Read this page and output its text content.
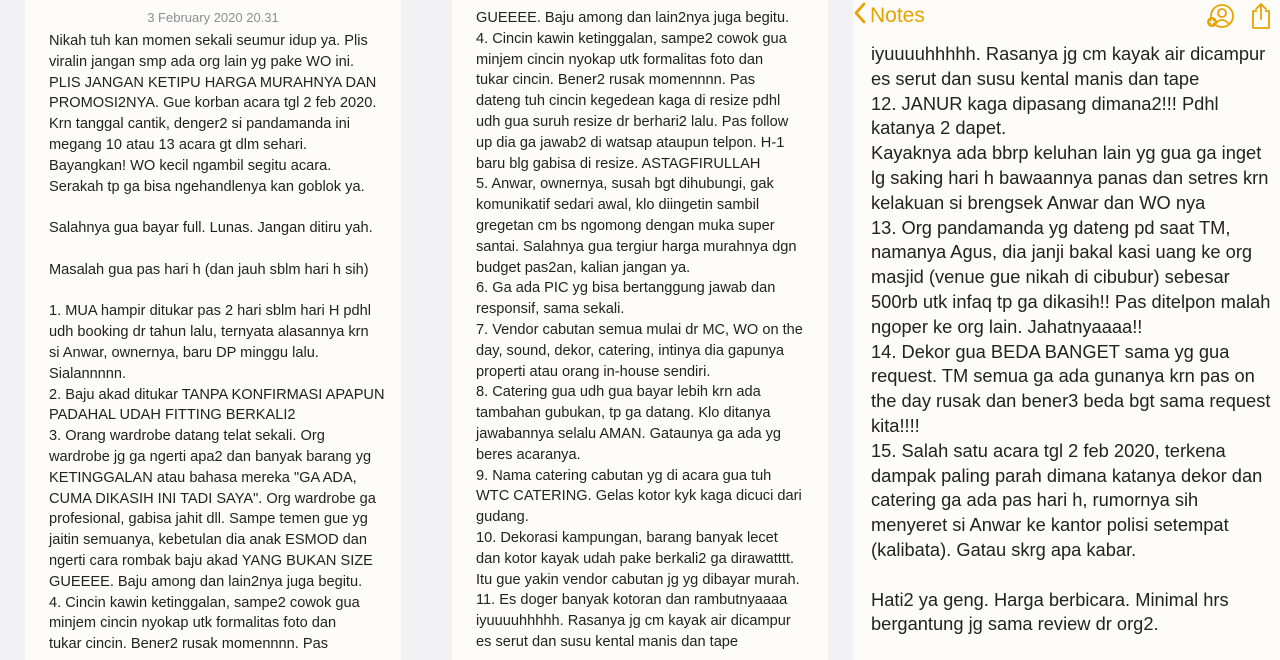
3 February 2020 20.31

Nikah tuh kan momen sekali seumur idup ya. Plis

viralin jangan smp ada org lain yg pake WO ini.

PLIS JANGAN KETIPU HARGA MURAHNYA DAN

PROMOSI2NYA. Gue korban acara tgl 2 feb 2020.

Krn tanggal cantik, denger2 si pandamanda ini

megang 10 atau 13 acara gt dlm sehari.

Bayangkan! WO kecil ngambil segitu acara.

Serakah tp ga bisa ngehandlenya kan goblok ya.

Salahnya gua bayar full. Lunas. Jangan ditiru yah.

Masalah gua pas hari h (dan jauh sblm hari h sih)

1. MUA hampir ditukar pas 2 hari sblm hari H pdhl

udh booking dr tahun lalu, ternyata alasannya krn

si Anwar, ownernya, baru DP minggu lalu.

Sialannnnn.

2. Baju akad ditukar TANPA KONFIRMASI APAPUN

PADAHAL UDAH FITTING BERKALI2

3. Orang wardrobe datang telat sekali. Org

wardrobe jg ga ngerti apa2 dan banyak barang yg

KETINGGALAN atau bahasa mereka "GA ADA,

CUMA DIKASIH INI TADI SAYA". Org wardrobe ga

profesional, gabisa jahit dll. Sampe temen gue yg

jaitin semuanya, kebetulan dia anak ESMOD dan

ngerti cara rombak baju akad YANG BUKAN SIZE

GUEEEE. Baju among dan lain2nya juga begitu.

4. Cincin kawin ketinggalan, sampe2 cowok gua

minjem cincin nyokap utk formalitas foto dan

tukar cincin. Bener2 rusak momennnn. Pas

GUEEEE. Baju among dan lain2nya juga begitu.

4. Cincin kawin ketinggalan, sampe2 cowok gua

minjem cincin nyokap utk formalitas foto dan

tukar cincin. Bener2 rusak momennnn. Pas

dateng tuh cincin kegedean kaga di resize pdhl

udh gua suruh resize dr berhari2 lalu. Pas follow

up dia ga jawab2 di watsap ataupun telpon. H-1

baru blg gabisa di resize. ASTAGFIRULLAH

5. Anwar, ownernya, susah bgt dihubungi, gak

komunikatif sedari awal, klo diingetin sambil

gregetan cm bs ngomong dengan muka super

santai. Salahnya gua tergiur harga murahnya dgn

budget pas2an, kalian jangan ya.

6. Ga ada PIC yg bisa bertanggung jawab dan

responsif, sama sekali.

7. Vendor cabutan semua mulai dr MC, WO on the

day, sound, dekor, catering, intinya dia gapunya

properti atau orang in-house sendiri.

8. Catering gua udh gua bayar lebih krn ada

tambahan gubukan, tp ga datang. Klo ditanya

jawabannya selalu AMAN. Gataunya ga ada yg

beres acaranya.

9. Nama catering cabutan yg di acara gua tuh

WTC CATERING. Gelas kotor kyk kaga dicuci dari

gudang.

10. Dekorasi kampungan, barang banyak lecet

dan kotor kayak udah pake berkali2 ga dirawatttt.

Itu gue yakin vendor cabutan jg yg dibayar murah.

11. Es doger banyak kotoran dan rambutnyaaaa

iyuuuuhhhhh. Rasanya jg cm kayak air dicampur

es serut dan susu kental manis dan tape

Notes

iyuuuuhhhhh. Rasanya jg cm kayak air dicampur

es serut dan susu kental manis dan tape

12. JANUR kaga dipasang dimana2!!! Pdhl

katanya 2 dapet.

Kayaknya ada bbrp keluhan lain yg gua ga inget

lg saking hari h bawaannya panas dan setres krn

kelakuan si brengsek Anwar dan WO nya

13. Org pandamanda yg dateng pd saat TM,

namanya Agus, dia janji bakal kasi uang ke org

masjid (venue gue nikah di cibubur) sebesar

500rb utk infaq tp ga dikasih!! Pas ditelpon malah

ngoper ke org lain. Jahatnyaaaa!!

14. Dekor gua BEDA BANGET sama yg gua

request. TM semua ga ada gunanya krn pas on

the day rusak dan bener3 beda bgt sama request

kita!!!!

15. Salah satu acara tgl 2 feb 2020, terkena

dampak paling parah dimana katanya dekor dan

catering ga ada pas hari h, rumornya sih

menyeret si Anwar ke kantor polisi setempat

(kalibata). Gatau skrg apa kabar.

Hati2 ya geng. Harga berbicara. Minimal hrs

bergantung jg sama review dr org2.
